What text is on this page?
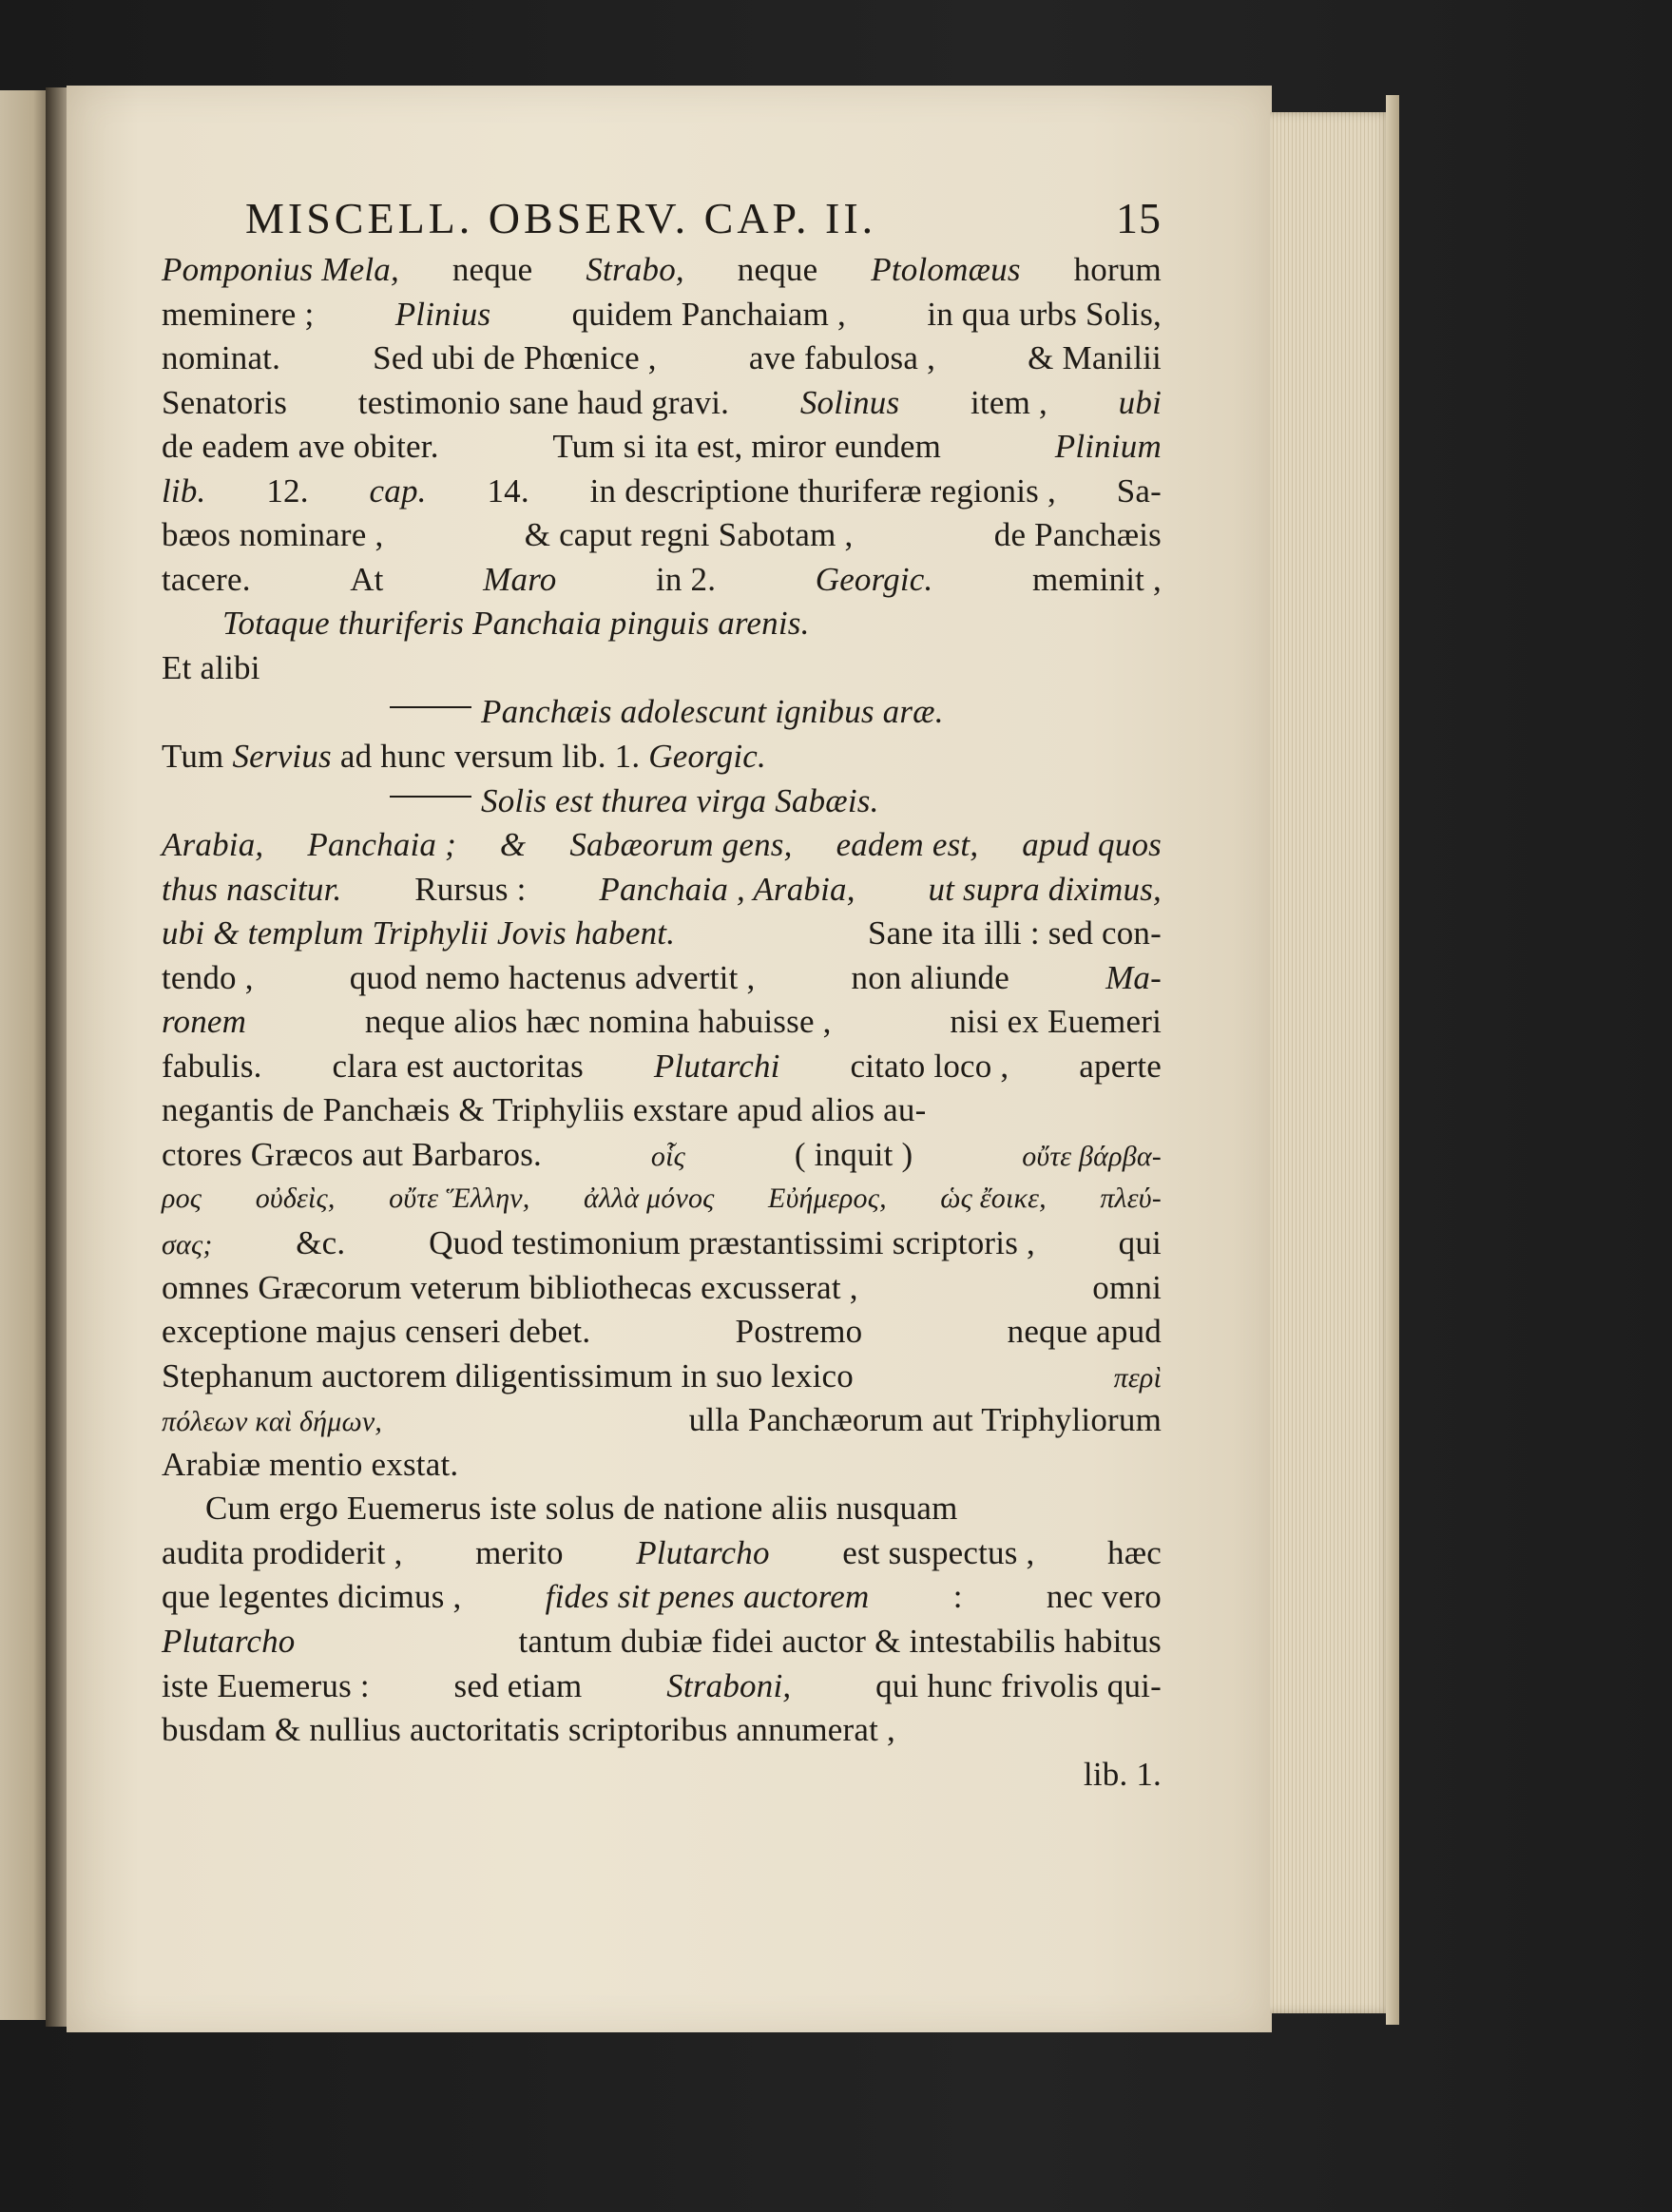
MISCELL. OBSERV. CAP. II.	15
Pomponius Mela, neque Strabo, neque Ptolomæus horum
meminere ; Plinius quidem Panchaiam , in qua urbs Solis,
nominat.	Sed ubi de Phœnice ,	ave fabulosa ,	& Manilii
Senatoris testimonio sane haud gravi. Solinus item , ubi
de eadem ave obiter.	Tum si ita est, miror eundem	Plinium
lib. 12. cap. 14. in descriptione thuriferæ regionis , Sa-
bæos nominare ,	& caput regni Sabotam ,	de Panchæis
tacere.	At	Maro	in 2.	Georgic.	meminit ,
Totaque thuriferis Panchaia pinguis arenis.
Et alibi
Panchæis adolescunt ignibus aræ.
Tum
Servius
ad hunc versum lib. 1.
Georgic.
Solis est thurea virga Sabæis.
Arabia, Panchaia ; & Sabæorum gens, eadem est, apud quos
thus nascitur. Rursus : Panchaia , Arabia, ut supra diximus,
ubi & templum Triphylii Jovis habent.	Sane ita illi : sed con-
tendo ,	quod nemo hactenus advertit ,	non aliunde	Ma-
ronem	neque alios hæc nomina habuisse ,	nisi ex Euemeri
fabulis. clara est auctoritas Plutarchi citato loco , aperte
negantis de Panchæis & Triphyliis exstare apud alios au-
ctores Græcos aut Barbaros.	οἷς	( inquit )	οὔτε βάρβα-
ρος οὐδεὶς, οὔτε Ἕλλην, ἀλλὰ μόνος Εὐήμερος, ὡς ἔοικε, πλεύ-
σας;	&c.	Quod testimonium præstantissimi scriptoris ,	qui
omnes Græcorum veterum bibliothecas excusserat ,	omni
exceptione majus censeri debet.	Postremo	neque apud
Stephanum auctorem diligentissimum in suo lexico	περὶ
πόλεων καὶ δήμων,	ulla Panchæorum aut Triphyliorum
Arabiæ mentio exstat.
Cum ergo Euemerus iste solus de natione aliis nusquam
audita prodiderit , merito Plutarcho est suspectus , hæc
que legentes dicimus ,	fides sit penes auctorem	:	nec vero
Plutarcho	tantum dubiæ fidei auctor & intestabilis habitus
iste Euemerus :	sed etiam	Straboni,	qui hunc frivolis qui-
busdam & nullius auctoritatis scriptoribus annumerat ,
lib. 1.
